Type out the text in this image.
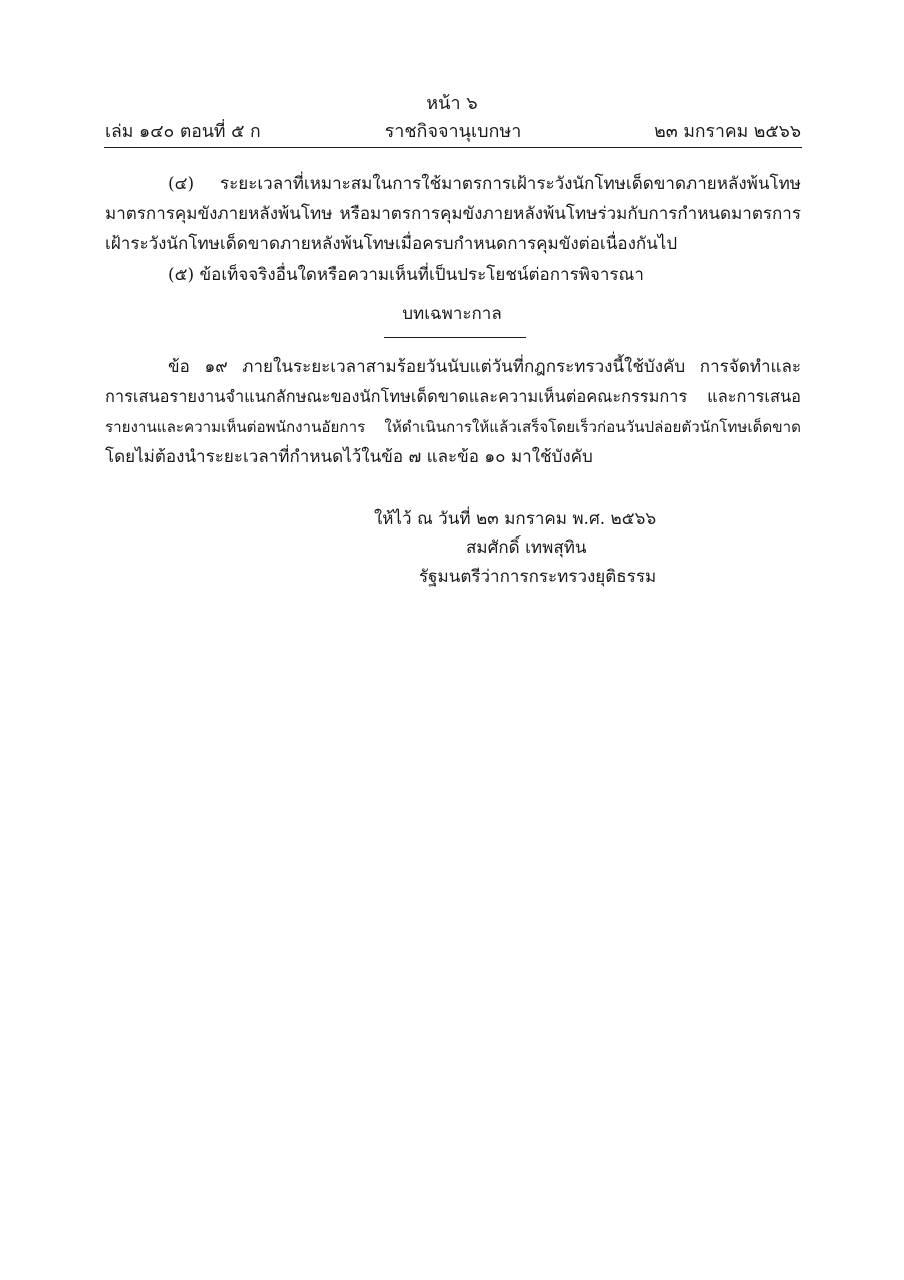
หน้า ๖
เล่ม ๑๔๐ ตอนที่ ๕ ก	ราชกิจจานุเบกษา	๒๓ มกราคม ๒๕๖๖
(๔) ระยะเวลาที่เหมาะสมในการใช้มาตรการเฝ้าระวังนักโทษเด็ดขาดภายหลังพ้นโทษ
มาตรการคุมขังภายหลังพ้นโทษ หรือมาตรการคุมขังภายหลังพ้นโทษร่วมกับการกำหนดมาตรการ
เฝ้าระวังนักโทษเด็ดขาดภายหลังพ้นโทษเมื่อครบกำหนดการคุมขังต่อเนื่องกันไป
(๕) ข้อเท็จจริงอื่นใดหรือความเห็นที่เป็นประโยชน์ต่อการพิจารณา
บทเฉพาะกาล
ข้อ ๑๙ ภายในระยะเวลาสามร้อยวันนับแต่วันที่กฎกระทรวงนี้ใช้บังคับ การจัดทำและ
การเสนอรายงานจำแนกลักษณะของนักโทษเด็ดขาดและความเห็นต่อคณะกรรมการ และการเสนอ
รายงานและความเห็นต่อพนักงานอัยการ ให้ดำเนินการให้แล้วเสร็จโดยเร็วก่อนวันปล่อยตัวนักโทษเด็ดขาด
โดยไม่ต้องนำระยะเวลาที่กำหนดไว้ในข้อ ๗ และข้อ ๑๐ มาใช้บังคับ
ให้ไว้ ณ วันที่ ๒๓ มกราคม พ.ศ. ๒๕๖๖
สมศักดิ์ เทพสุทิน
รัฐมนตรีว่าการกระทรวงยุติธรรม
